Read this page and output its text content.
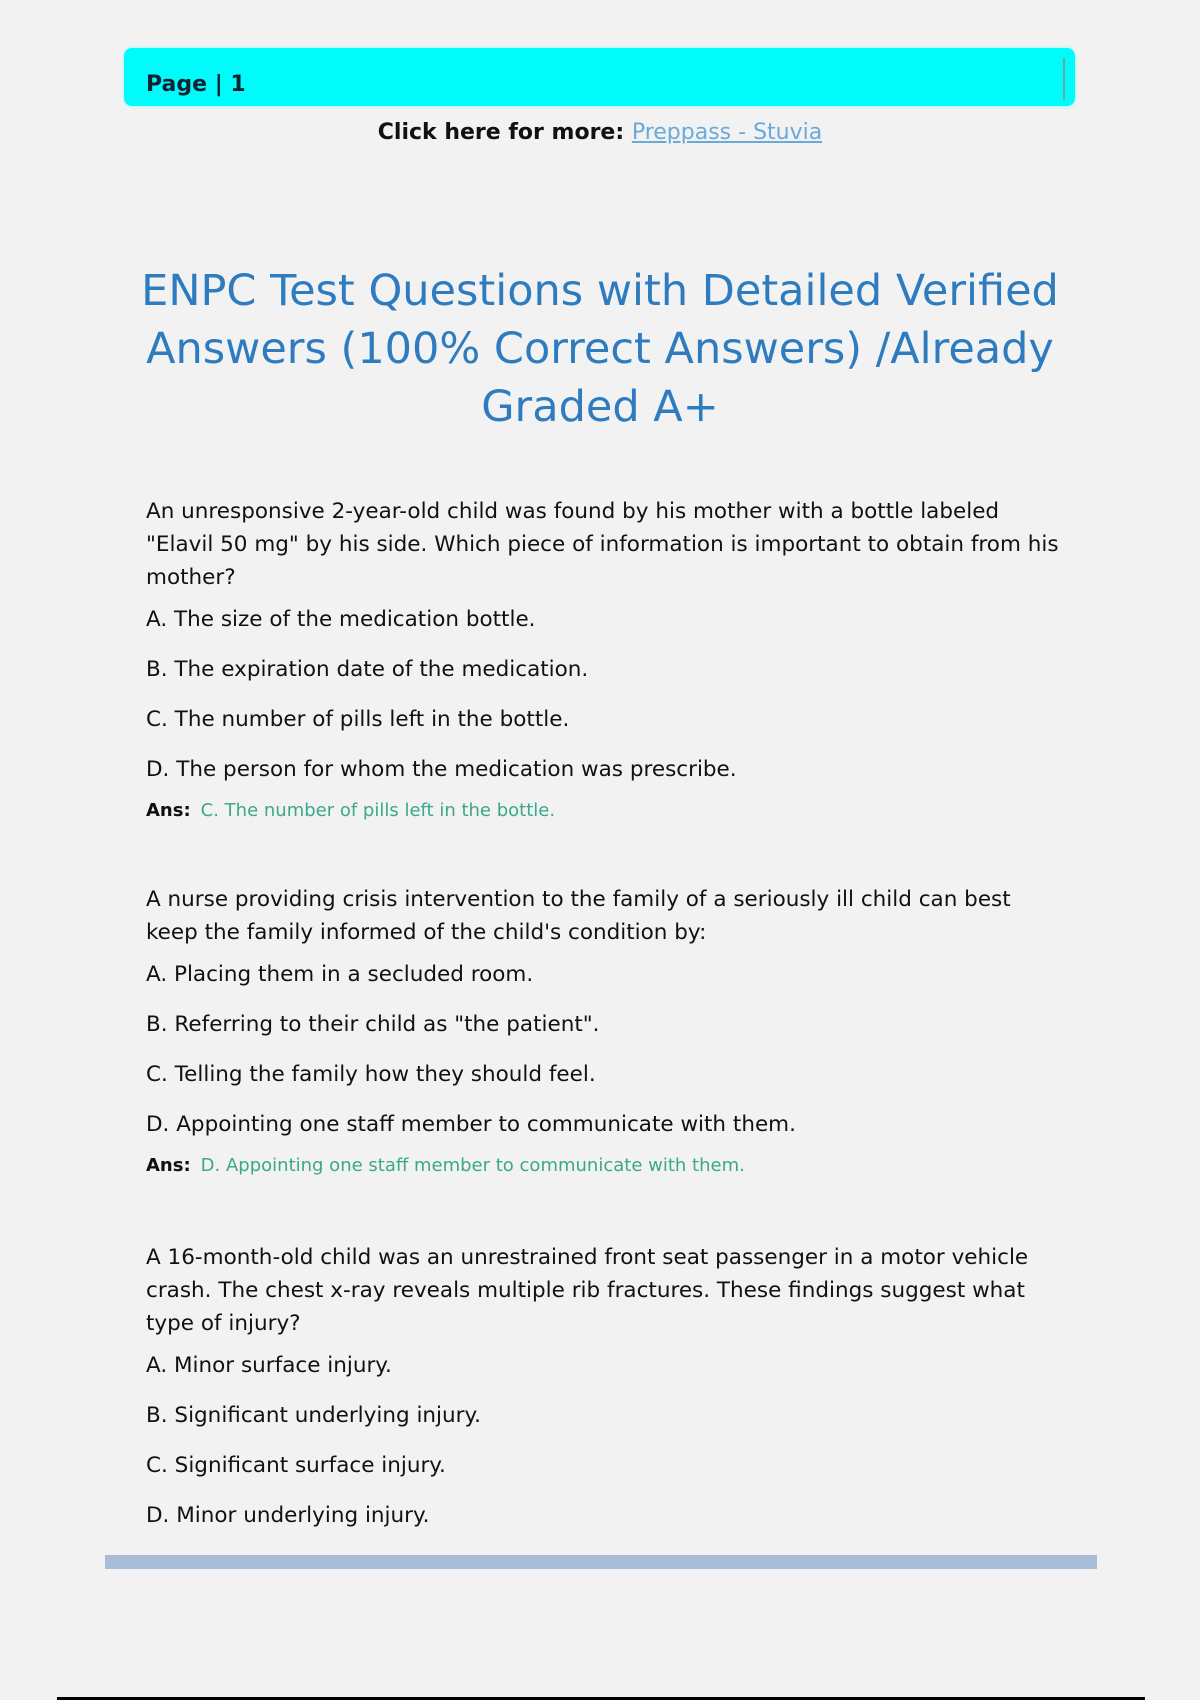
Page | 1
Click here for more: Preppass - Stuvia
ENPC Test Questions with Detailed Verified Answers (100% Correct Answers) /Already Graded A+

An unresponsive 2-year-old child was found by his mother with a bottle labeled "Elavil 50 mg" by his side. Which piece of information is important to obtain from his mother?

A. The size of the medication bottle.

B. The expiration date of the medication.

C. The number of pills left in the bottle.

D. The person for whom the medication was prescribe.

Ans: C. The number of pills left in the bottle.

A nurse providing crisis intervention to the family of a seriously ill child can best keep the family informed of the child's condition by:

A. Placing them in a secluded room.

B. Referring to their child as "the patient".

C. Telling the family how they should feel.

D. Appointing one staff member to communicate with them.

Ans: D. Appointing one staff member to communicate with them.

A 16-month-old child was an unrestrained front seat passenger in a motor vehicle crash. The chest x-ray reveals multiple rib fractures. These findings suggest what type of injury?

A. Minor surface injury.

B. Significant underlying injury.

C. Significant surface injury.

D. Minor underlying injury.
